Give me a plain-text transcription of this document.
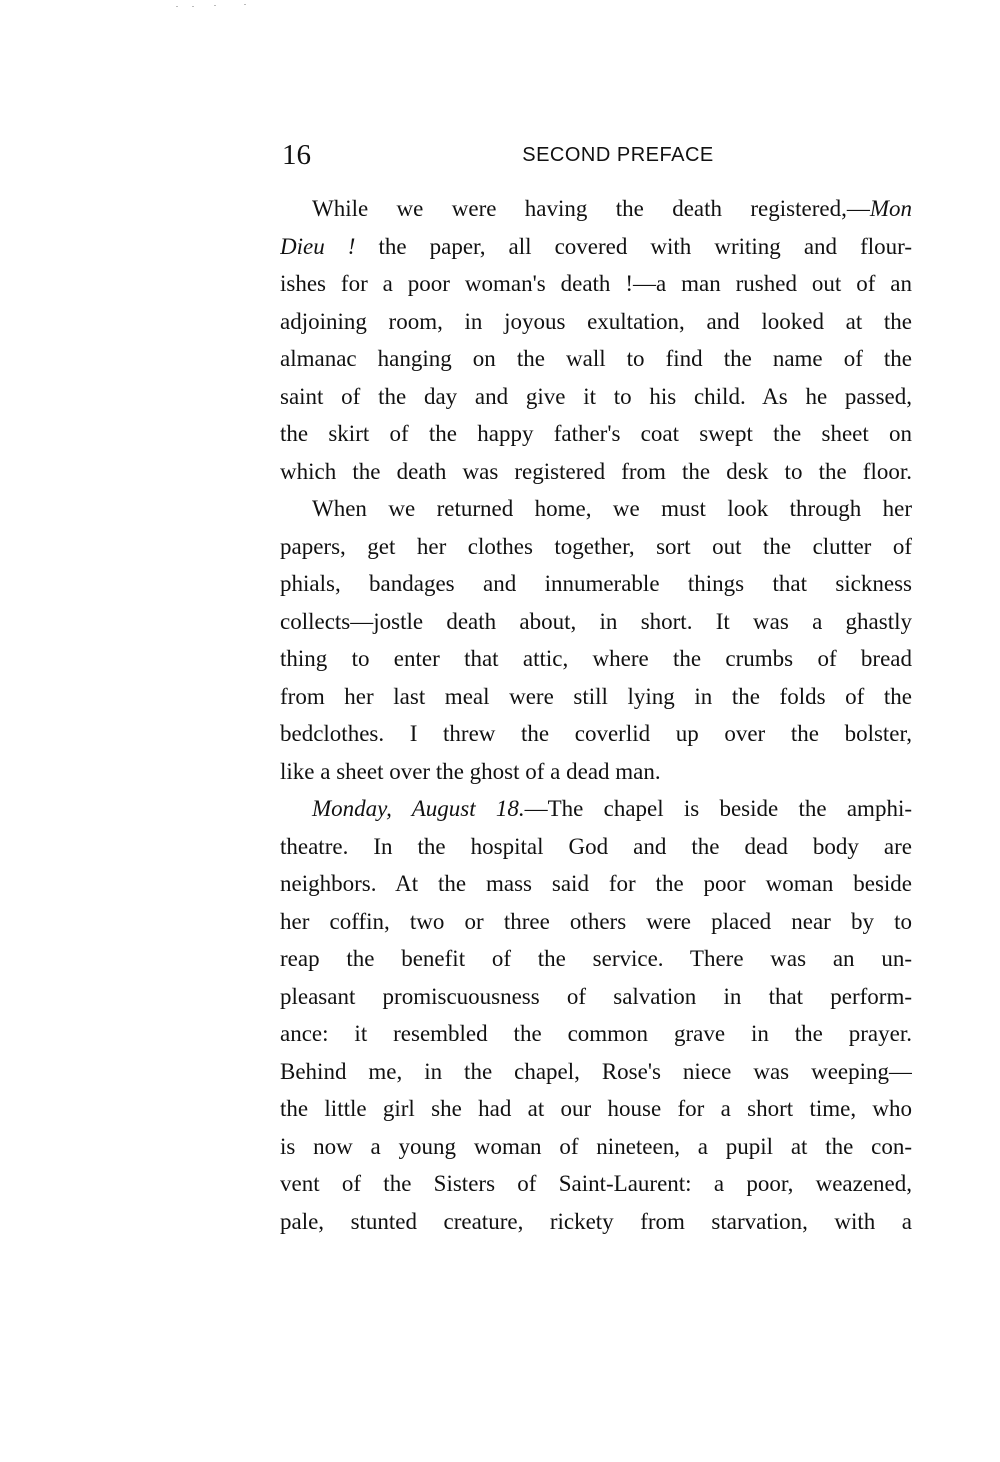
16	SECOND PREFACE
While we were having the death registered,—Mon
Dieu ! the paper, all covered with writing and flour-
ishes for a poor woman's death !—a man rushed out of an
adjoining room, in joyous exultation, and looked at the
almanac hanging on the wall to find the name of the
saint of the day and give it to his child. As he passed,
the skirt of the happy father's coat swept the sheet on
which the death was registered from the desk to the floor.
When we returned home, we must look through her
papers, get her clothes together, sort out the clutter of
phials, bandages and innumerable things that sickness
collects—jostle death about, in short. It was a ghastly
thing to enter that attic, where the crumbs of bread
from her last meal were still lying in the folds of the
bedclothes. I threw the coverlid up over the bolster,
like a sheet over the ghost of a dead man.
Monday, August 18.—The chapel is beside the amphi-
theatre. In the hospital God and the dead body are
neighbors. At the mass said for the poor woman beside
her coffin, two or three others were placed near by to
reap the benefit of the service. There was an un-
pleasant promiscuousness of salvation in that perform-
ance: it resembled the common grave in the prayer.
Behind me, in the chapel, Rose's niece was weeping—
the little girl she had at our house for a short time, who
is now a young woman of nineteen, a pupil at the con-
vent of the Sisters of Saint-Laurent: a poor, weazened,
pale, stunted creature, rickety from starvation, with a
